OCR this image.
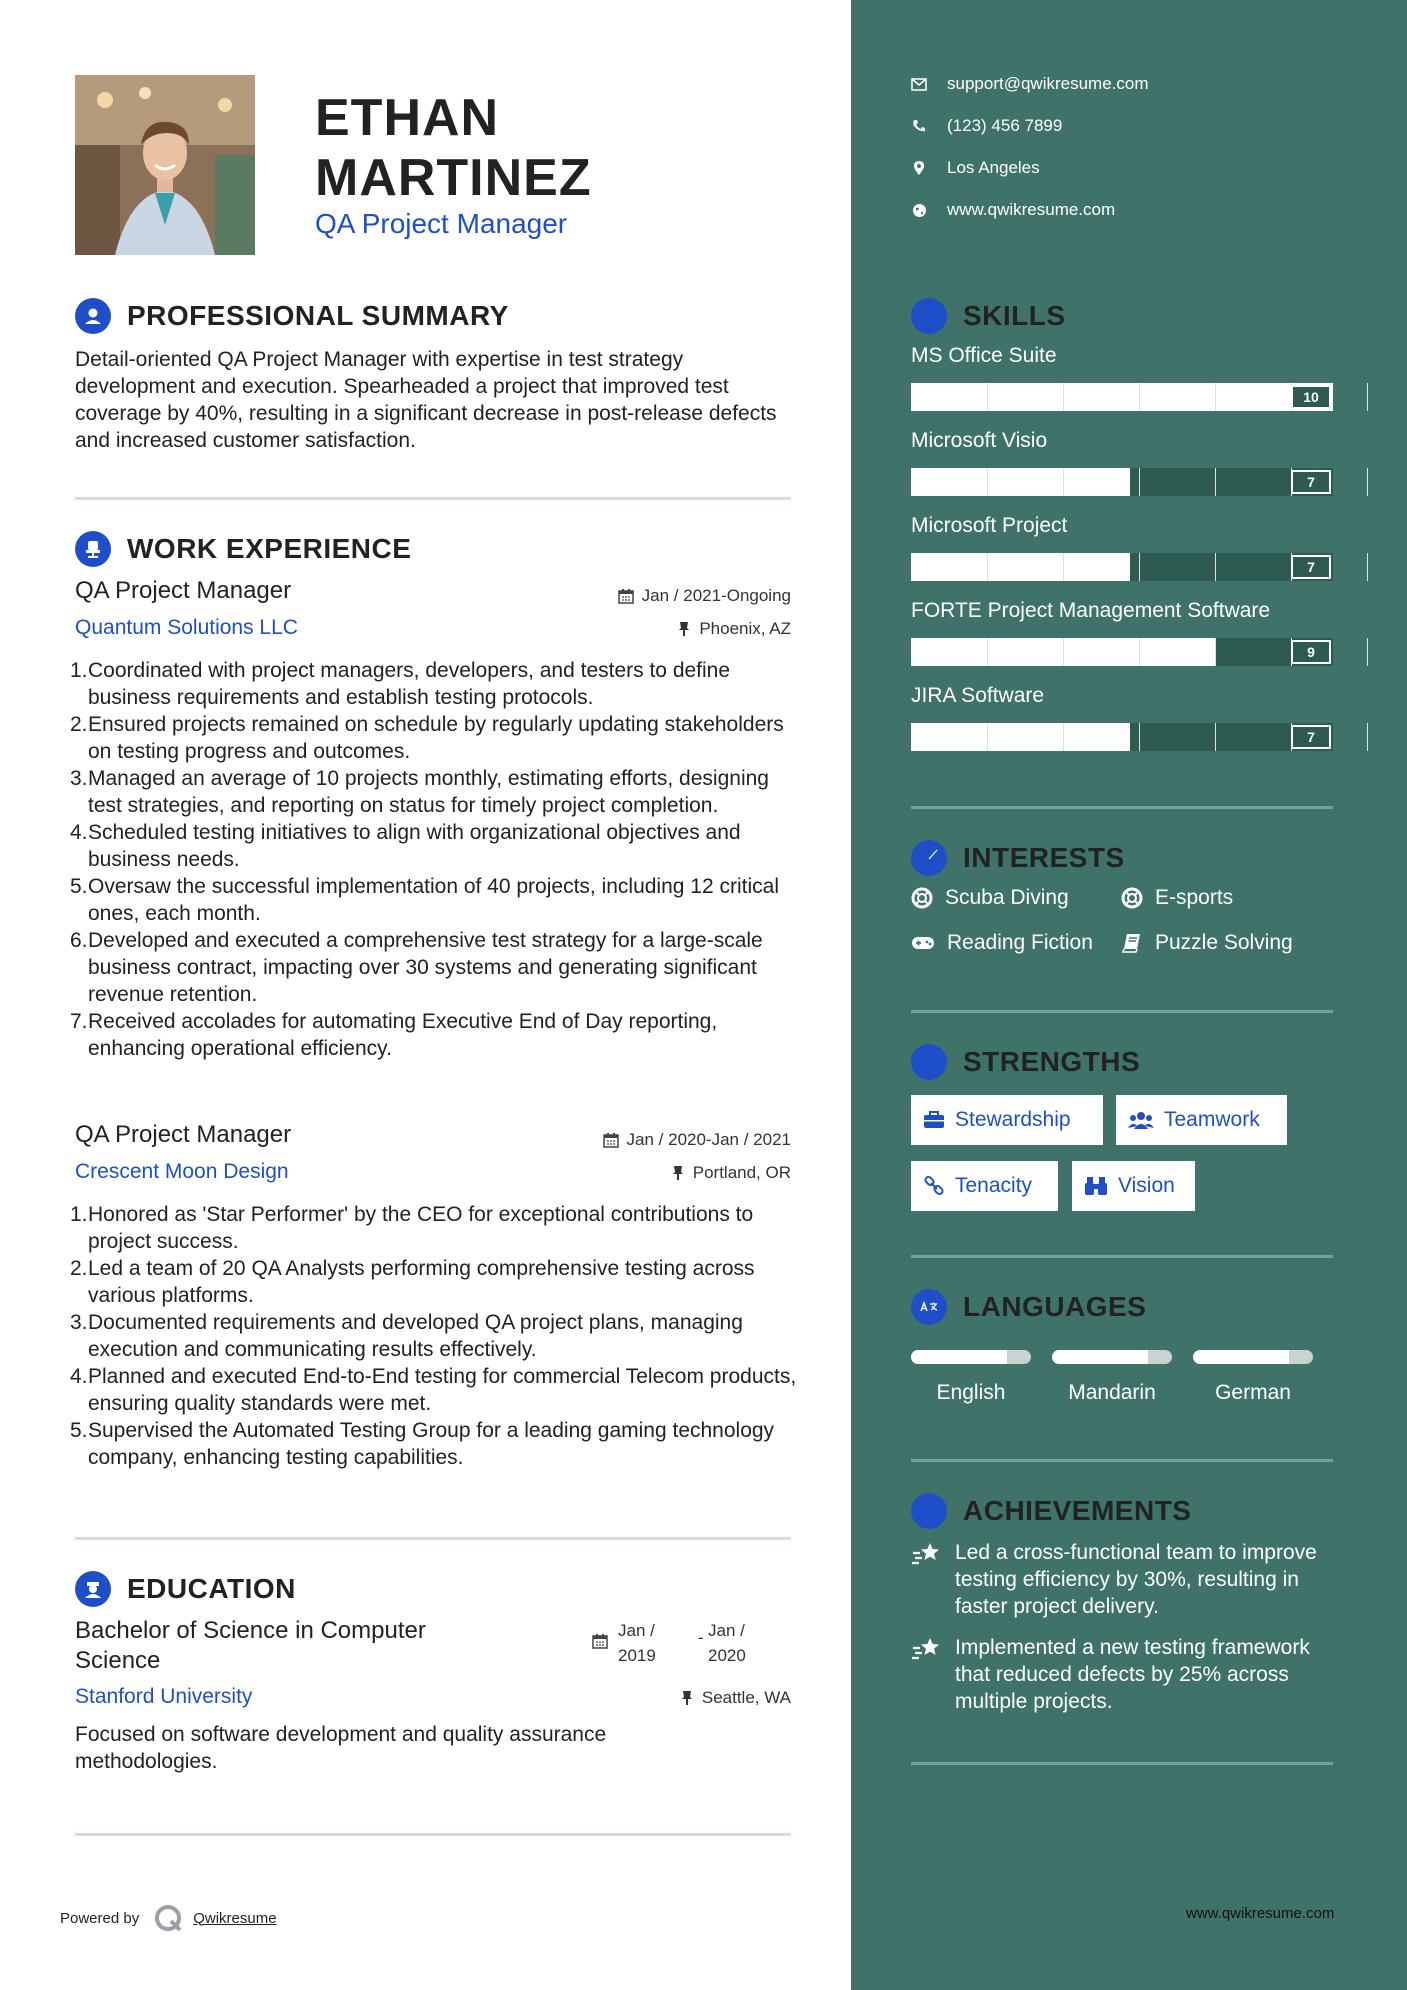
ETHAN
MARTINEZ
QA Project Manager
PROFESSIONAL SUMMARY
Detail-oriented QA Project Manager with expertise in test strategy development and execution. Spearheaded a project that improved test coverage by 40%, resulting in a significant decrease in post-release defects and increased customer satisfaction.
WORK EXPERIENCE
QA Project Manager	Jan / 2021-Ongoing
Quantum Solutions LLC	Phoenix, AZ
1. Coordinated with project managers, developers, and testers to define business requirements and establish testing protocols.
2. Ensured projects remained on schedule by regularly updating stakeholders on testing progress and outcomes.
3. Managed an average of 10 projects monthly, estimating efforts, designing test strategies, and reporting on status for timely project completion.
4. Scheduled testing initiatives to align with organizational objectives and business needs.
5. Oversaw the successful implementation of 40 projects, including 12 critical ones, each month.
6. Developed and executed a comprehensive test strategy for a large-scale business contract, impacting over 30 systems and generating significant revenue retention.
7. Received accolades for automating Executive End of Day reporting, enhancing operational efficiency.
QA Project Manager	Jan / 2020-Jan / 2021
Crescent Moon Design	Portland, OR
1. Honored as 'Star Performer' by the CEO for exceptional contributions to project success.
2. Led a team of 20 QA Analysts performing comprehensive testing across various platforms.
3. Documented requirements and developed QA project plans, managing execution and communicating results effectively.
4. Planned and executed End-to-End testing for commercial Telecom products, ensuring quality standards were met.
5. Supervised the Automated Testing Group for a leading gaming technology company, enhancing testing capabilities.
EDUCATION
Bachelor of Science in Computer Science
Jan /
2019
- Jan /
2020
Stanford University	Seattle, WA
Focused on software development and quality assurance methodologies.
Powered by	Qwikresume	www.qwikresume.com
support@qwikresume.com
(123) 456 7899
Los Angeles
www.qwikresume.com
SKILLS
MS Office Suite
10
Microsoft Visio
7
Microsoft Project
7
FORTE Project Management Software
9
JIRA Software
7
INTERESTS
Scuba Diving	E-sports
Reading Fiction	Puzzle Solving
STRENGTHS
Stewardship	Teamwork
Tenacity	Vision
LANGUAGES
English	Mandarin	German
ACHIEVEMENTS
Led a cross-functional team to improve testing efficiency by 30%, resulting in faster project delivery.
Implemented a new testing framework that reduced defects by 25% across multiple projects.
